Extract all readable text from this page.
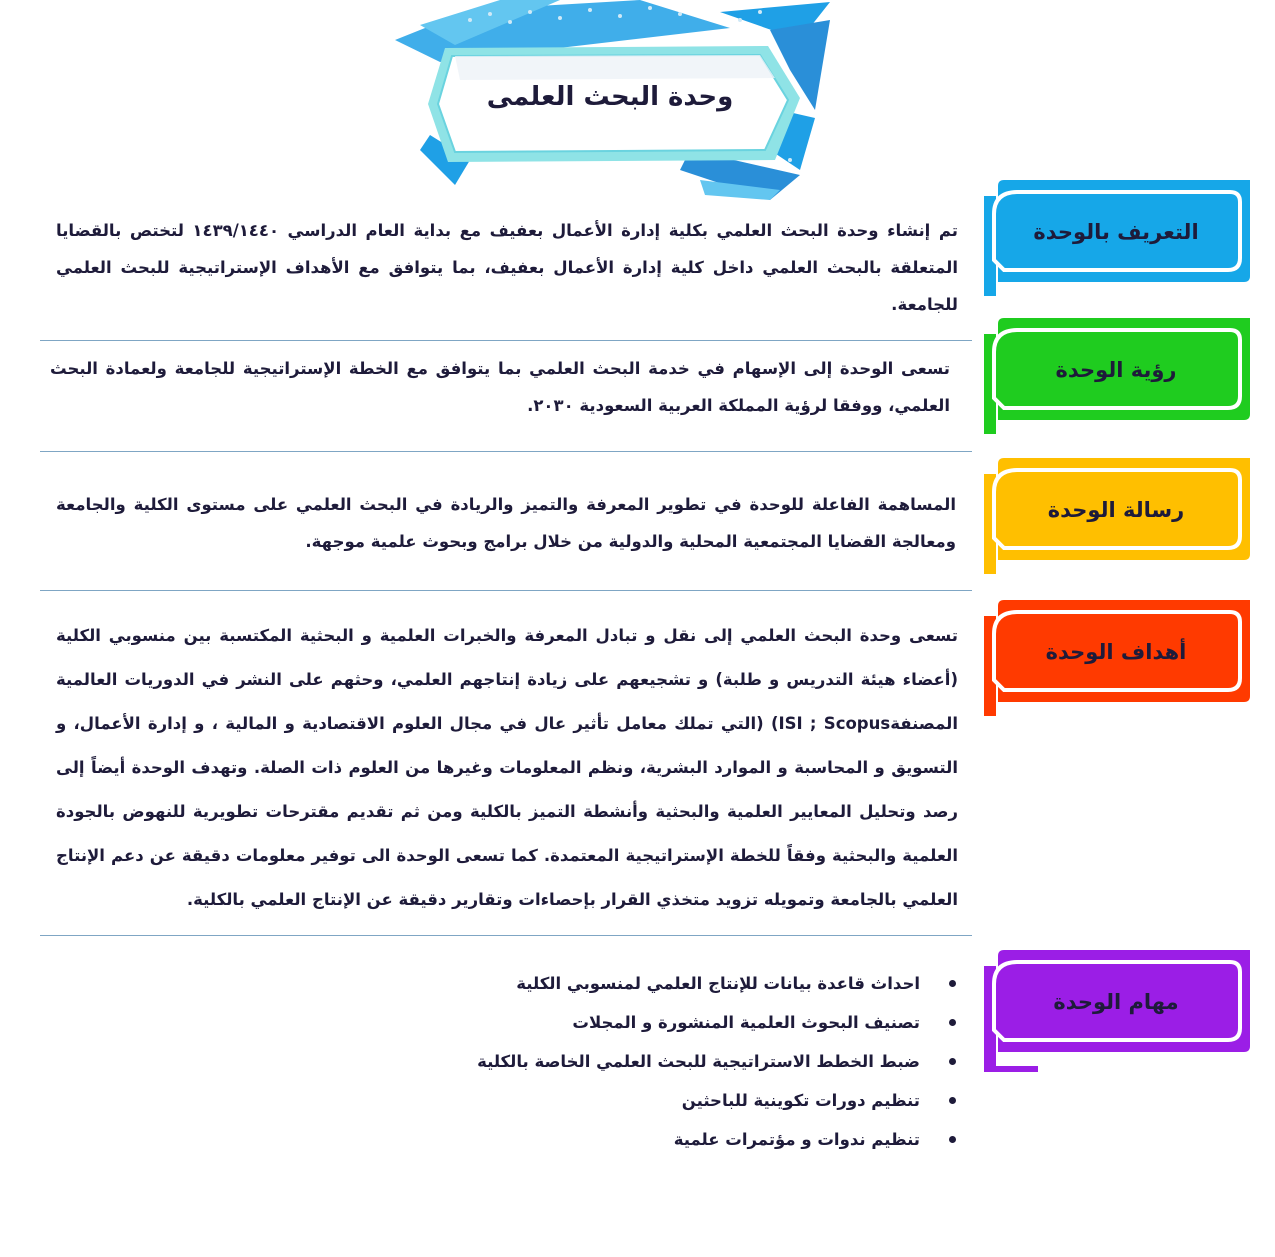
وحدة البحث العلمى
التعريف بالوحدة
تم إنشاء وحدة البحث العلمي بكلية إدارة الأعمال بعفيف مع بداية العام الدراسي ١٤٣٩/١٤٤٠ لتختص بالقضايا المتعلقة بالبحث العلمي داخل كلية إدارة الأعمال بعفيف، بما يتوافق مع الأهداف الإستراتيجية للبحث العلمي للجامعة.
رؤية الوحدة
تسعى الوحدة إلى الإسهام في خدمة البحث العلمي بما يتوافق مع الخطة الإستراتيجية للجامعة ولعمادة البحث العلمي، ووفقا لرؤية المملكة العربية السعودية ٢٠٣٠.
رسالة الوحدة
المساهمة الفاعلة للوحدة في تطوير المعرفة والتميز والريادة في البحث العلمي على مستوى الكلية والجامعة ومعالجة القضايا المجتمعية المحلية والدولية من خلال برامج وبحوث علمية موجهة.
أهداف الوحدة
تسعى وحدة البحث العلمي إلى نقل و تبادل المعرفة والخبرات العلمية و البحثية المكتسبة بين منسوبي الكلية (أعضاء هيئة التدريس و طلبة) و تشجيعهم على زيادة إنتاجهم العلمي، وحثهم على النشر في الدوريات العالمية المصنفةISI ; Scopus) (التي تملك معامل تأثير عال في مجال العلوم الاقتصادية و المالية ، و إدارة الأعمال، و التسويق و المحاسبة و الموارد البشرية، ونظم المعلومات وغيرها من العلوم ذات الصلة. وتهدف الوحدة أيضاً إلى رصد وتحليل المعايير العلمية والبحثية وأنشطة التميز بالكلية ومن ثم تقديم مقترحات تطويرية للنهوض بالجودة العلمية والبحثية وفقاً للخطة الإستراتيجية المعتمدة. كما تسعى الوحدة الى توفير معلومات دقيقة عن دعم الإنتاج العلمي بالجامعة وتمويله تزويد متخذي القرار بإحصاءات وتقارير دقيقة عن الإنتاج العلمي بالكلية.
مهام الوحدة
احداث قاعدة بيانات للإنتاج العلمي لمنسوبي الكلية
تصنيف البحوث العلمية المنشورة و المجلات
ضبط الخطط الاستراتيجية للبحث العلمي الخاصة بالكلية
تنظيم دورات تكوينية للباحثين
تنظيم ندوات و مؤتمرات علمية
